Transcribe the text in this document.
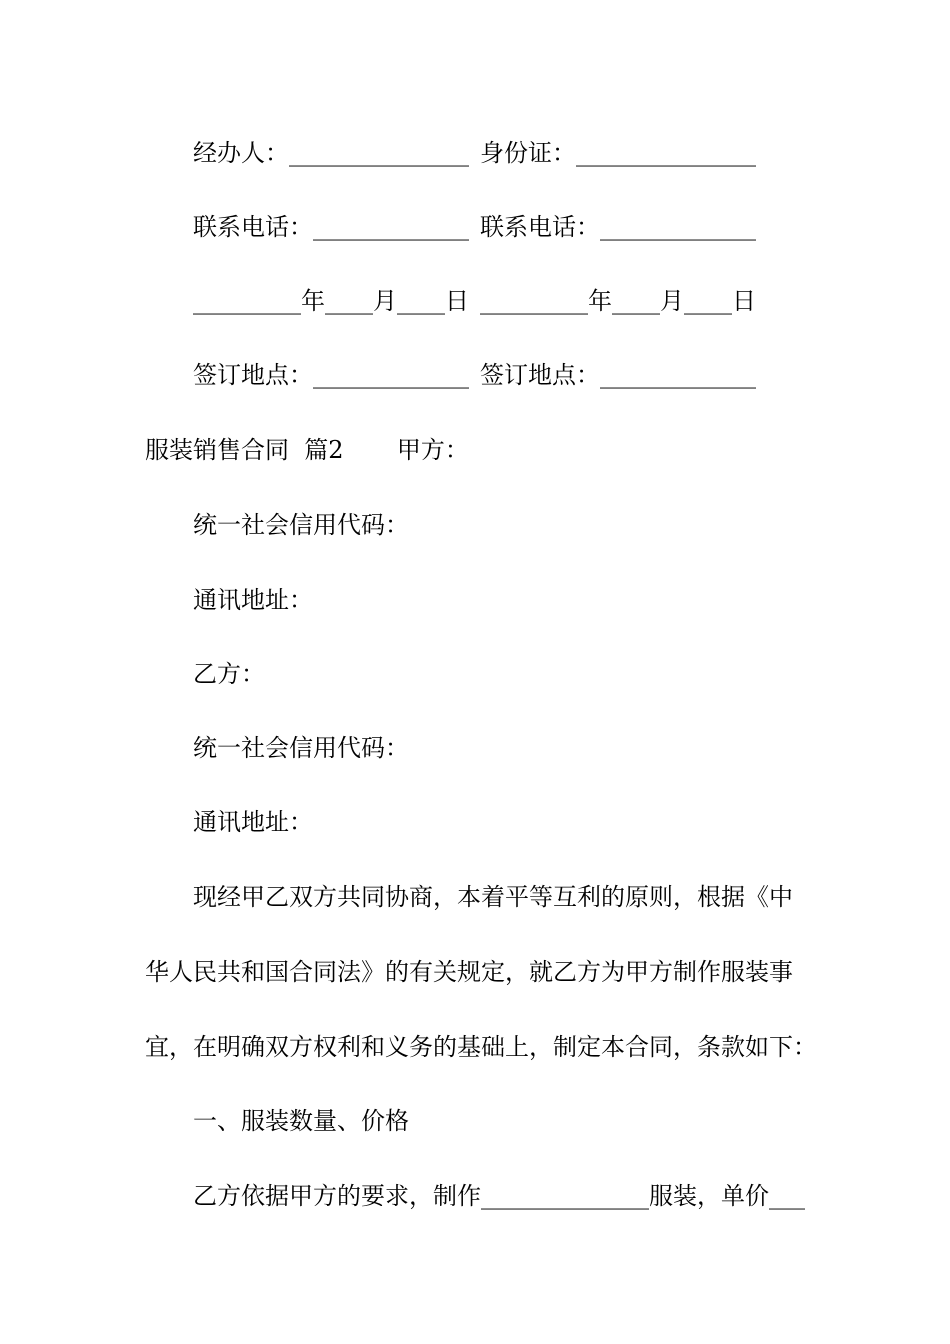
经办人：_______________ 身份证：_______________
联系电话：_____________ 联系电话：_____________
_________年____月____日 _________年____月____日
签订地点：_____________ 签订地点：_____________
服装销售合同  篇2       甲方：
统一社会信用代码：
通讯地址：
乙方：
统一社会信用代码：
通讯地址：
现经甲乙双方共同协商，本着平等互利的原则，根据《中
华人民共和国合同法》的有关规定，就乙方为甲方制作服装事
宜，在明确双方权利和义务的基础上，制定本合同，条款如下：
一、服装数量、价格
乙方依据甲方的要求，制作______________服装，单价___
